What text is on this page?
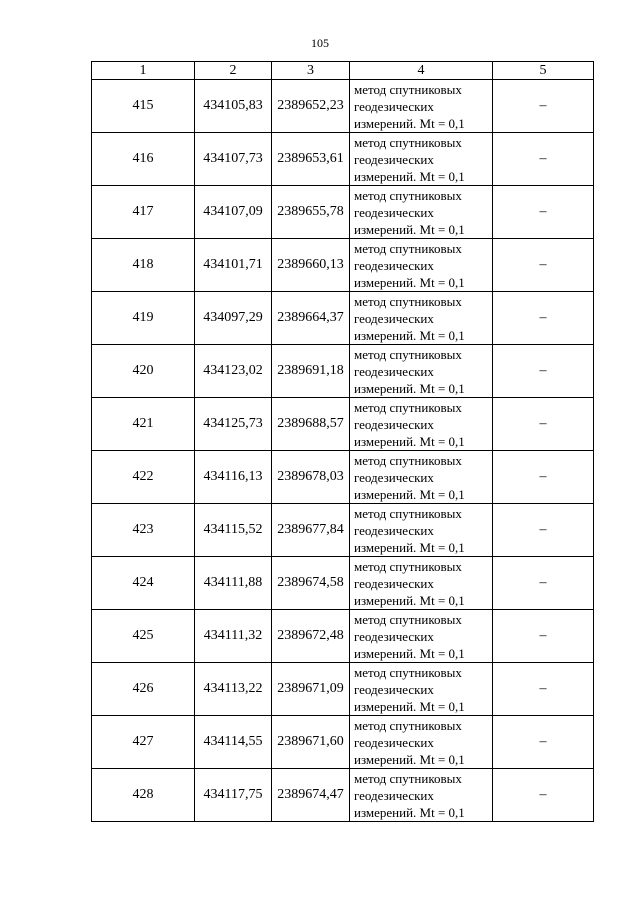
105
1	2	3	4	5
415	434105,83	2389652,23	метод спутниковых
геодезических
измерений. Mt = 0,1	–
416	434107,73	2389653,61	метод спутниковых
геодезических
измерений. Mt = 0,1	–
417	434107,09	2389655,78	метод спутниковых
геодезических
измерений. Mt = 0,1	–
418	434101,71	2389660,13	метод спутниковых
геодезических
измерений. Mt = 0,1	–
419	434097,29	2389664,37	метод спутниковых
геодезических
измерений. Mt = 0,1	–
420	434123,02	2389691,18	метод спутниковых
геодезических
измерений. Mt = 0,1	–
421	434125,73	2389688,57	метод спутниковых
геодезических
измерений. Mt = 0,1	–
422	434116,13	2389678,03	метод спутниковых
геодезических
измерений. Mt = 0,1	–
423	434115,52	2389677,84	метод спутниковых
геодезических
измерений. Mt = 0,1	–
424	434111,88	2389674,58	метод спутниковых
геодезических
измерений. Mt = 0,1	–
425	434111,32	2389672,48	метод спутниковых
геодезических
измерений. Mt = 0,1	–
426	434113,22	2389671,09	метод спутниковых
геодезических
измерений. Mt = 0,1	–
427	434114,55	2389671,60	метод спутниковых
геодезических
измерений. Mt = 0,1	–
428	434117,75	2389674,47	метод спутниковых
геодезических
измерений. Mt = 0,1	–
